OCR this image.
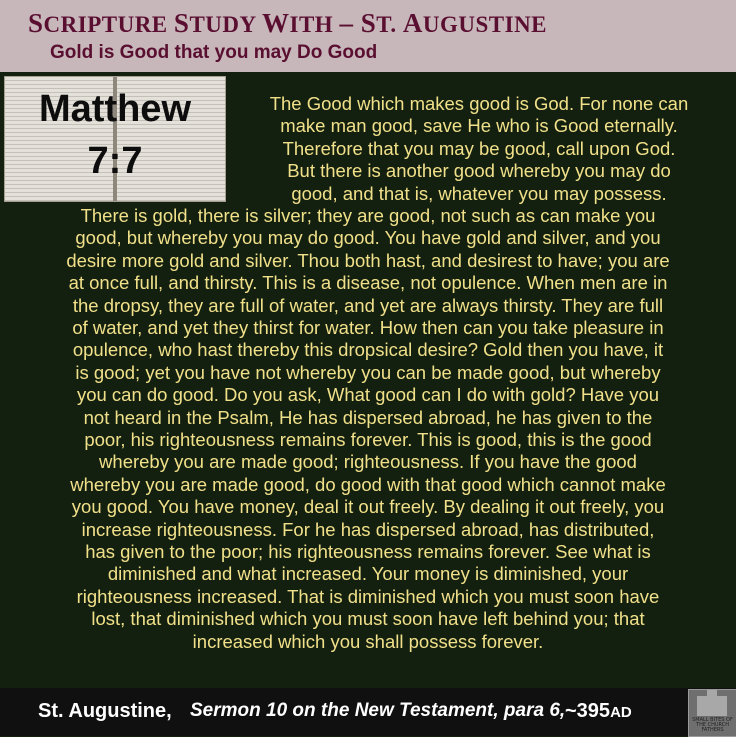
SCRIPTURE STUDY WITH – ST. AUGUSTINE
Gold is Good that you may Do Good
Matthew
7:7
The Good which makes good is God. For none can
make man good, save He who is Good eternally.
Therefore that you may be good, call upon God.
But there is another good whereby you may do
good, and that is, whatever you may possess.
There is gold, there is silver; they are good, not such as can make you
good, but whereby you may do good. You have gold and silver, and you
desire more gold and silver. Thou both hast, and desirest to have; you are
at once full, and thirsty. This is a disease, not opulence. When men are in
the dropsy, they are full of water, and yet are always thirsty. They are full
of water, and yet they thirst for water. How then can you take pleasure in
opulence, who hast thereby this dropsical desire? Gold then you have, it
is good; yet you have not whereby you can be made good, but whereby
you can do good. Do you ask, What good can I do with gold? Have you
not heard in the Psalm, He has dispersed abroad, he has given to the
poor, his righteousness remains forever. This is good, this is the good
whereby you are made good; righteousness. If you have the good
whereby you are made good, do good with that good which cannot make
you good. You have money, deal it out freely. By dealing it out freely, you
increase righteousness. For he has dispersed abroad, has distributed,
has given to the poor; his righteousness remains forever. See what is
diminished and what increased. Your money is diminished, your
righteousness increased. That is diminished which you must soon have
lost, that diminished which you must soon have left behind you; that
increased which you shall possess forever.
St. Augustine, Sermon 10 on the New Testament, para 6, ~395AD	SMALL BITES OF THE CHURCH FATHERS
